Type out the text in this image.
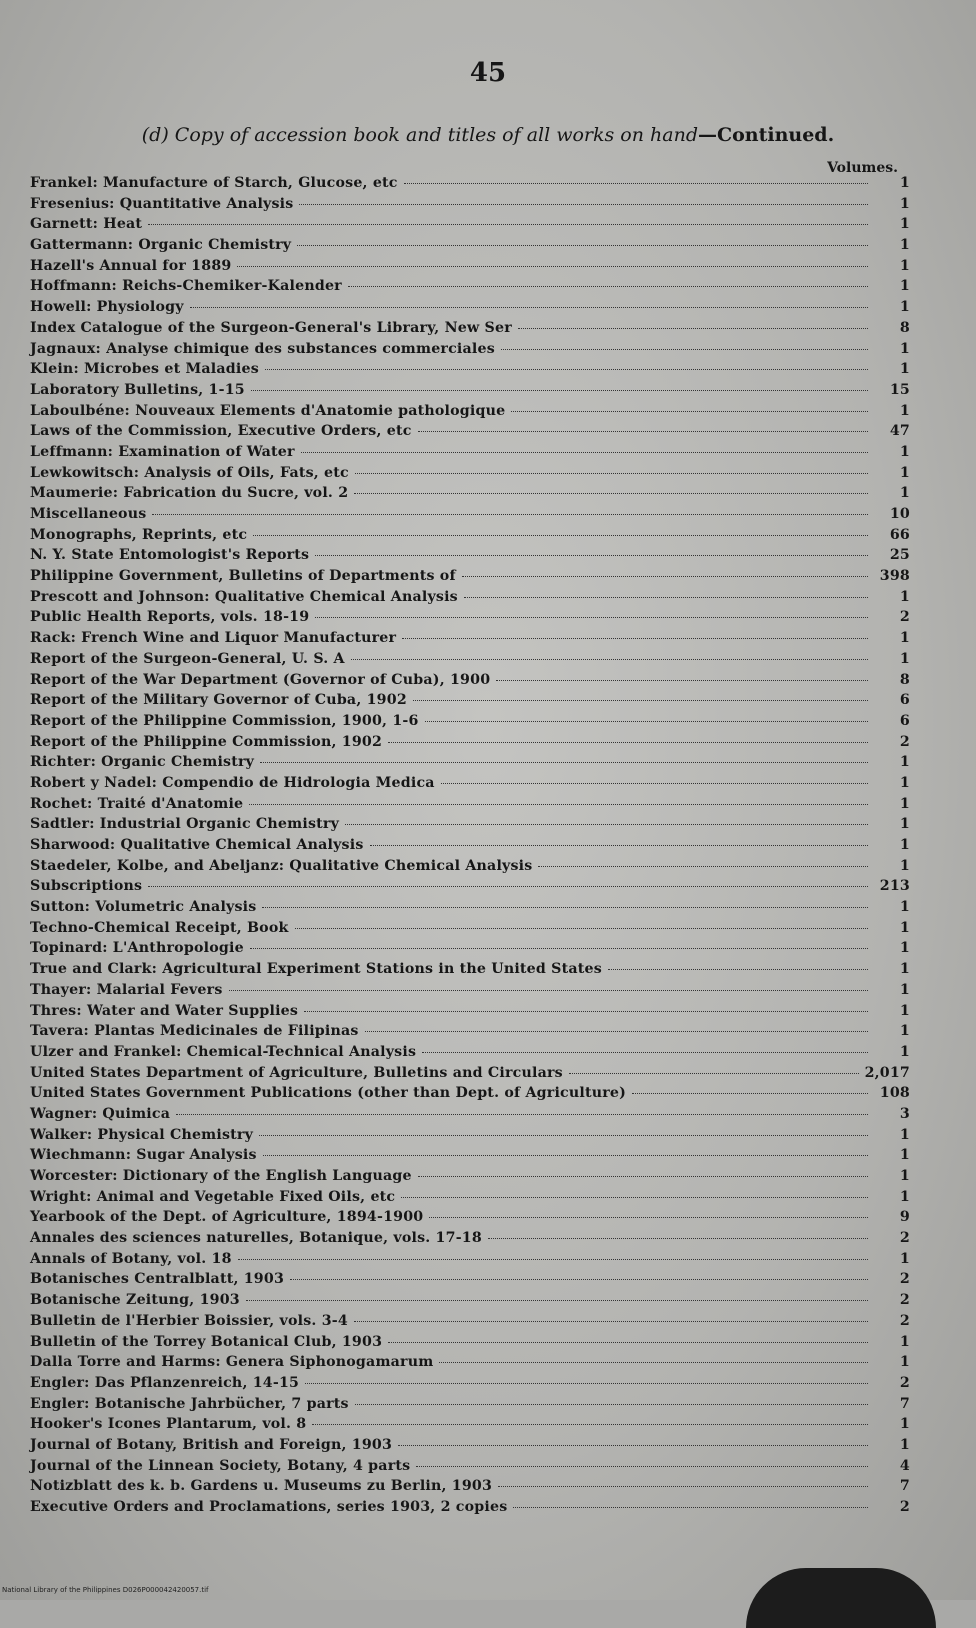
45
(d) Copy of accession book and titles of all works on hand—Continued.
Volumes.
Frankel: Manufacture of Starch, Glucose, etc	1
Fresenius: Quantitative Analysis	1
Garnett: Heat	1
Gattermann: Organic Chemistry	1
Hazell's Annual for 1889	1
Hoffmann: Reichs-Chemiker-Kalender	1
Howell: Physiology	1
Index Catalogue of the Surgeon-General's Library, New Ser	8
Jagnaux: Analyse chimique des substances commerciales	1
Klein: Microbes et Maladies	1
Laboratory Bulletins, 1-15	15
Laboulbéne: Nouveaux Elements d'Anatomie pathologique	1
Laws of the Commission, Executive Orders, etc	47
Leffmann: Examination of Water	1
Lewkowitsch: Analysis of Oils, Fats, etc	1
Maumerie: Fabrication du Sucre, vol. 2	1
Miscellaneous	10
Monographs, Reprints, etc	66
N. Y. State Entomologist's Reports	25
Philippine Government, Bulletins of Departments of	398
Prescott and Johnson: Qualitative Chemical Analysis	1
Public Health Reports, vols. 18-19	2
Rack: French Wine and Liquor Manufacturer	1
Report of the Surgeon-General, U. S. A	1
Report of the War Department (Governor of Cuba), 1900	8
Report of the Military Governor of Cuba, 1902	6
Report of the Philippine Commission, 1900, 1-6	6
Report of the Philippine Commission, 1902	2
Richter: Organic Chemistry	1
Robert y Nadel: Compendio de Hidrologia Medica	1
Rochet: Traité d'Anatomie	1
Sadtler: Industrial Organic Chemistry	1
Sharwood: Qualitative Chemical Analysis	1
Staedeler, Kolbe, and Abeljanz: Qualitative Chemical Analysis	1
Subscriptions	213
Sutton: Volumetric Analysis	1
Techno-Chemical Receipt, Book	1
Topinard: L'Anthropologie	1
True and Clark: Agricultural Experiment Stations in the United States	1
Thayer: Malarial Fevers	1
Thres: Water and Water Supplies	1
Tavera: Plantas Medicinales de Filipinas	1
Ulzer and Frankel: Chemical-Technical Analysis	1
United States Department of Agriculture, Bulletins and Circulars	2,017
United States Government Publications (other than Dept. of Agriculture)	108
Wagner: Quimica	3
Walker: Physical Chemistry	1
Wiechmann: Sugar Analysis	1
Worcester: Dictionary of the English Language	1
Wright: Animal and Vegetable Fixed Oils, etc	1
Yearbook of the Dept. of Agriculture, 1894-1900	9
Annales des sciences naturelles, Botanique, vols. 17-18	2
Annals of Botany, vol. 18	1
Botanisches Centralblatt, 1903	2
Botanische Zeitung, 1903	2
Bulletin de l'Herbier Boissier, vols. 3-4	2
Bulletin of the Torrey Botanical Club, 1903	1
Dalla Torre and Harms: Genera Siphonogamarum	1
Engler: Das Pflanzenreich, 14-15	2
Engler: Botanische Jahrbücher, 7 parts	7
Hooker's Icones Plantarum, vol. 8	1
Journal of Botany, British and Foreign, 1903	1
Journal of the Linnean Society, Botany, 4 parts	4
Notizblatt des k. b. Gardens u. Museums zu Berlin, 1903	7
Executive Orders and Proclamations, series 1903, 2 copies	2
National Library of the Philippines D026P000042420057.tif
